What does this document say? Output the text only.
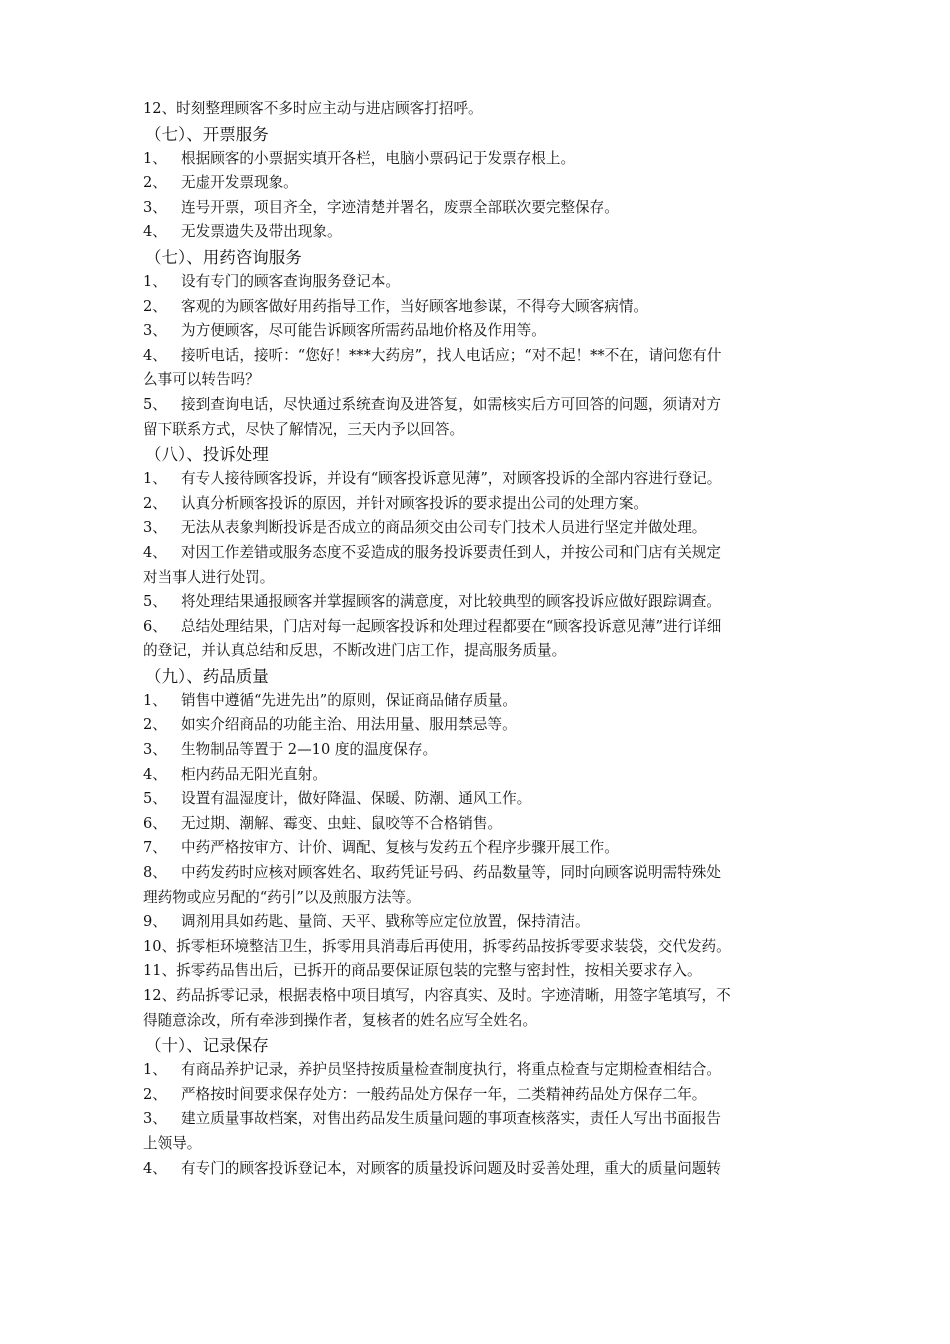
12、时刻整理顾客不多时应主动与进店顾客打招呼。
（七）、开票服务
1、 根据顾客的小票据实填开各栏，电脑小票码记于发票存根上。
2、 无虚开发票现象。
3、 连号开票，项目齐全，字迹清楚并署名，废票全部联次要完整保存。
4、 无发票遗失及带出现象。
（七）、用药咨询服务
1、 设有专门的顾客查询服务登记本。
2、 客观的为顾客做好用药指导工作，当好顾客地参谋，不得夸大顾客病情。
3、 为方便顾客，尽可能告诉顾客所需药品地价格及作用等。
4、 接听电话，接听：“您好！***大药房”，找人电话应；“对不起！**不在，请问您有什
么事可以转告吗？
5、 接到查询电话，尽快通过系统查询及进答复，如需核实后方可回答的问题，须请对方
留下联系方式，尽快了解情况，三天内予以回答。
（八）、投诉处理
1、 有专人接待顾客投诉，并设有“顾客投诉意见薄”，对顾客投诉的全部内容进行登记。
2、 认真分析顾客投诉的原因，并针对顾客投诉的要求提出公司的处理方案。
3、 无法从表象判断投诉是否成立的商品须交由公司专门技术人员进行坚定并做处理。
4、 对因工作差错或服务态度不妥造成的服务投诉要责任到人，并按公司和门店有关规定
对当事人进行处罚。
5、 将处理结果通报顾客并掌握顾客的满意度，对比较典型的顾客投诉应做好跟踪调查。
6、 总结处理结果，门店对每一起顾客投诉和处理过程都要在“顾客投诉意见薄”进行详细
的登记，并认真总结和反思，不断改进门店工作，提高服务质量。
（九）、药品质量
1、 销售中遵循“先进先出”的原则，保证商品储存质量。
2、 如实介绍商品的功能主治、用法用量、服用禁忌等。
3、 生物制品等置于 2—10 度的温度保存。
4、 柜内药品无阳光直射。
5、 设置有温湿度计，做好降温、保暖、防潮、通风工作。
6、 无过期、潮解、霉变、虫蛀、鼠咬等不合格销售。
7、 中药严格按审方、计价、调配、复核与发药五个程序步骤开展工作。
8、 中药发药时应核对顾客姓名、取药凭证号码、药品数量等，同时向顾客说明需特殊处
理药物或应另配的“药引”以及煎服方法等。
9、 调剂用具如药匙、量筒、天平、戥称等应定位放置，保持清洁。
10、拆零柜环境整洁卫生，拆零用具消毒后再使用，拆零药品按拆零要求装袋，交代发药。
11、拆零药品售出后，已拆开的商品要保证原包装的完整与密封性，按相关要求存入。
12、药品拆零记录，根据表格中项目填写，内容真实、及时。字迹清晰，用签字笔填写，不
得随意涂改，所有牵涉到操作者，复核者的姓名应写全姓名。
（十）、记录保存
1、 有商品养护记录，养护员坚持按质量检查制度执行，将重点检查与定期检查相结合。
2、 严格按时间要求保存处方：一般药品处方保存一年，二类精神药品处方保存二年。
3、 建立质量事故档案，对售出药品发生质量问题的事项查核落实，责任人写出书面报告
上领导。
4、 有专门的顾客投诉登记本，对顾客的质量投诉问题及时妥善处理，重大的质量问题转
